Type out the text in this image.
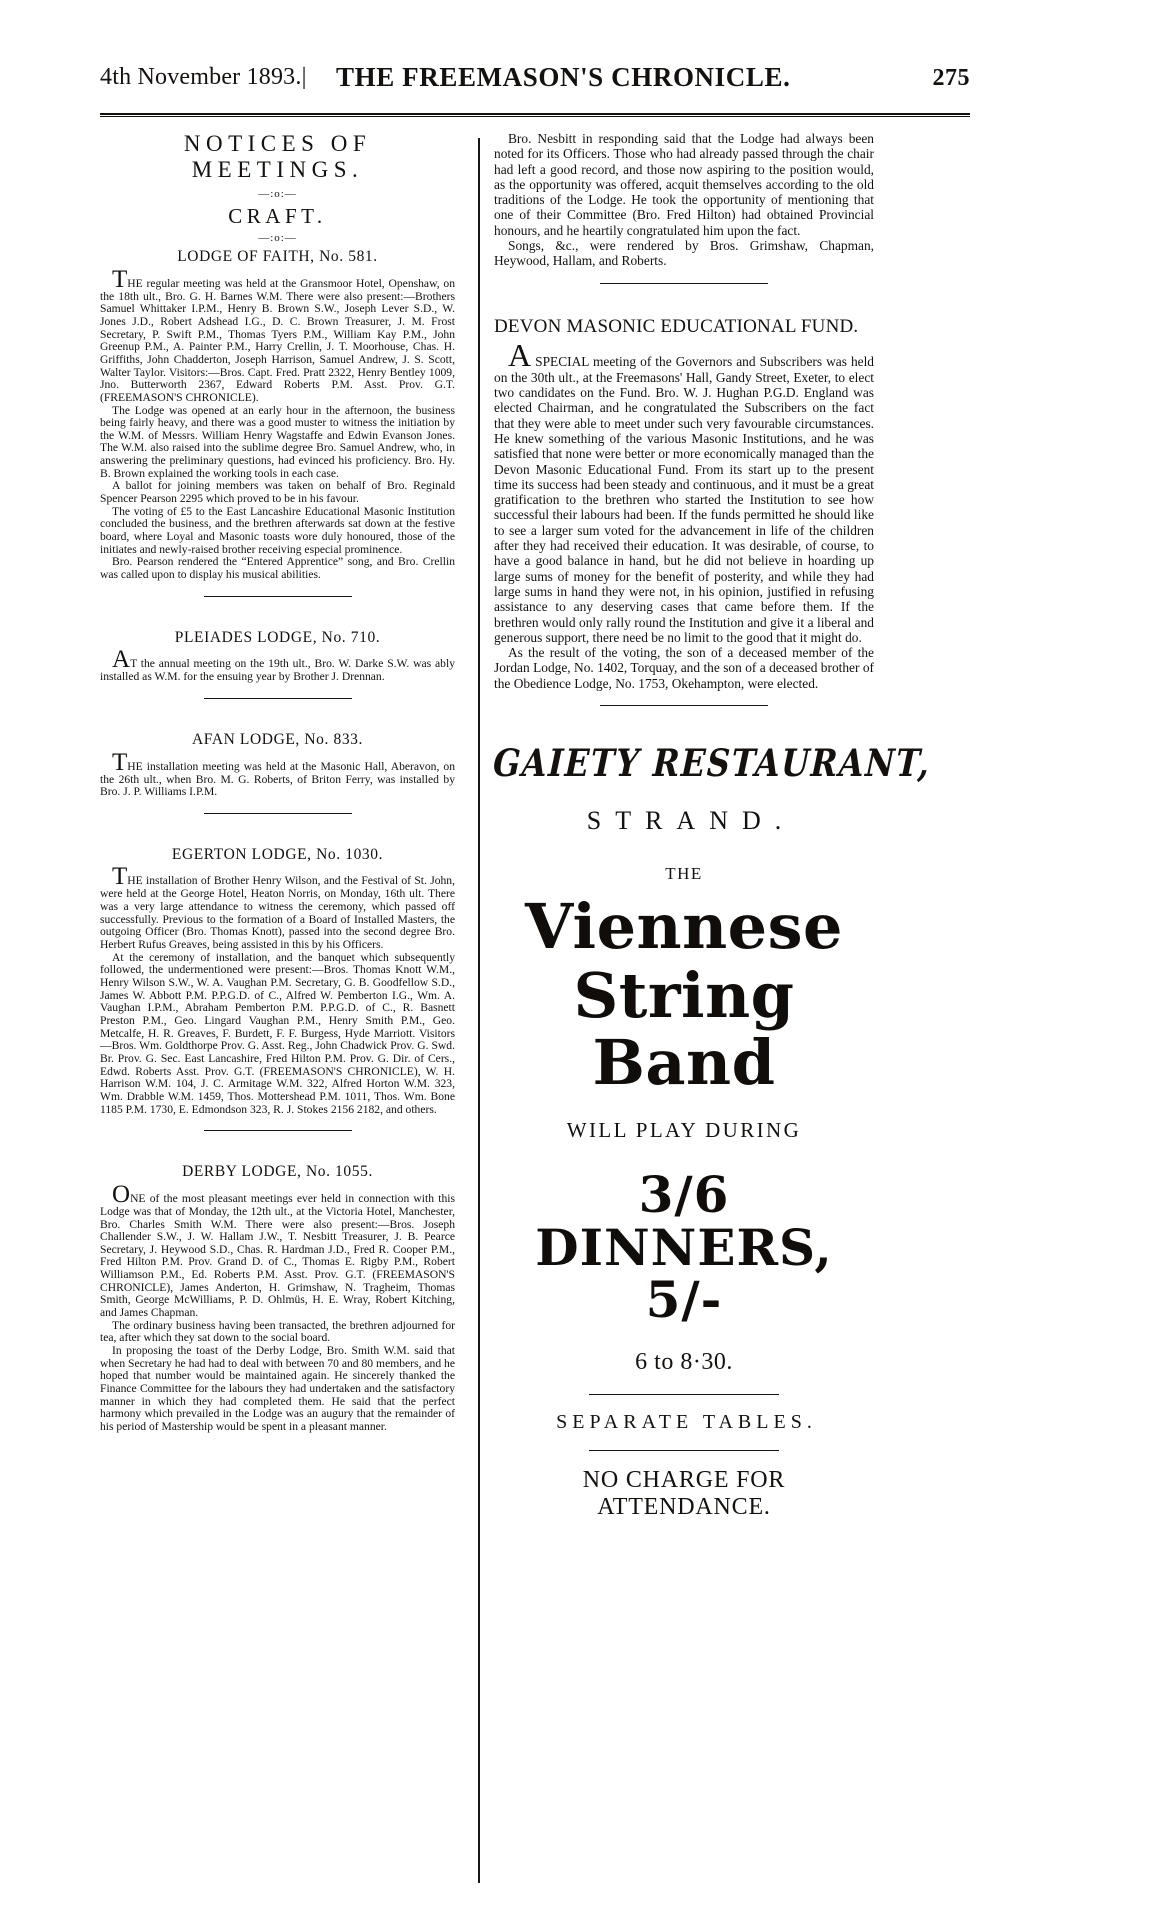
4th November 1893.| THE FREEMASON'S CHRONICLE.	275
NOTICES OF MEETINGS.
—:o:—
CRAFT.
—:o:—
LODGE OF FAITH, No. 581.

THE regular meeting was held at the Gransmoor Hotel, Openshaw, on the 18th ult., Bro. G. H. Barnes W.M. There were also present:—Brothers Samuel Whittaker I.P.M., Henry B. Brown S.W., Joseph Lever S.D., W. Jones J.D., Robert Adshead I.G., D. C. Brown Treasurer, J. M. Frost Secretary, P. Swift P.M., Thomas Tyers P.M., William Kay P.M., John Greenup P.M., A. Painter P.M., Harry Crellin, J. T. Moorhouse, Chas. H. Griffiths, John Chadderton, Joseph Harrison, Samuel Andrew, J. S. Scott, Walter Taylor. Visitors:—Bros. Capt. Fred. Pratt 2322, Henry Bentley 1009, Jno. Butterworth 2367, Edward Roberts P.M. Asst. Prov. G.T. (FREEMASON'S CHRONICLE).

The Lodge was opened at an early hour in the afternoon, the business being fairly heavy, and there was a good muster to witness the initiation by the W.M. of Messrs. William Henry Wagstaffe and Edwin Evanson Jones. The W.M. also raised into the sublime degree Bro. Samuel Andrew, who, in answering the preliminary questions, had evinced his proficiency. Bro. Hy. B. Brown explained the working tools in each case.

A ballot for joining members was taken on behalf of Bro. Reginald Spencer Pearson 2295 which proved to be in his favour.

The voting of £5 to the East Lancashire Educational Masonic Institution concluded the business, and the brethren afterwards sat down at the festive board, where Loyal and Masonic toasts wore duly honoured, those of the initiates and newly-raised brother receiving especial prominence.

Bro. Pearson rendered the “Entered Apprentice” song, and Bro. Crellin was called upon to display his musical abilities.

PLEIADES LODGE, No. 710.

AT the annual meeting on the 19th ult., Bro. W. Darke S.W. was ably installed as W.M. for the ensuing year by Brother J. Drennan.

AFAN LODGE, No. 833.

THE installation meeting was held at the Masonic Hall, Aberavon, on the 26th ult., when Bro. M. G. Roberts, of Briton Ferry, was installed by Bro. J. P. Williams I.P.M.

EGERTON LODGE, No. 1030.

THE installation of Brother Henry Wilson, and the Festival of St. John, were held at the George Hotel, Heaton Norris, on Monday, 16th ult. There was a very large attendance to witness the ceremony, which passed off successfully. Previous to the formation of a Board of Installed Masters, the outgoing Officer (Bro. Thomas Knott), passed into the second degree Bro. Herbert Rufus Greaves, being assisted in this by his Officers.

At the ceremony of installation, and the banquet which subsequently followed, the undermentioned were present:—Bros. Thomas Knott W.M., Henry Wilson S.W., W. A. Vaughan P.M. Secretary, G. B. Goodfellow S.D., James W. Abbott P.M. P.P.G.D. of C., Alfred W. Pemberton I.G., Wm. A. Vaughan I.P.M., Abraham Pemberton P.M. P.P.G.D. of C., R. Basnett Preston P.M., Geo. Lingard Vaughan P.M., Henry Smith P.M., Geo. Metcalfe, H. R. Greaves, F. Burdett, F. F. Burgess, Hyde Marriott. Visitors—Bros. Wm. Goldthorpe Prov. G. Asst. Reg., John Chadwick Prov. G. Swd. Br. Prov. G. Sec. East Lancashire, Fred Hilton P.M. Prov. G. Dir. of Cers., Edwd. Roberts Asst. Prov. G.T. (FREEMASON'S CHRONICLE), W. H. Harrison W.M. 104, J. C. Armitage W.M. 322, Alfred Horton W.M. 323, Wm. Drabble W.M. 1459, Thos. Mottershead P.M. 1011, Thos. Wm. Bone 1185 P.M. 1730, E. Edmondson 323, R. J. Stokes 2156 2182, and others.

DERBY LODGE, No. 1055.

ONE of the most pleasant meetings ever held in connection with this Lodge was that of Monday, the 12th ult., at the Victoria Hotel, Manchester, Bro. Charles Smith W.M. There were also present:—Bros. Joseph Challender S.W., J. W. Hallam J.W., T. Nesbitt Treasurer, J. B. Pearce Secretary, J. Heywood S.D., Chas. R. Hardman J.D., Fred R. Cooper P.M., Fred Hilton P.M. Prov. Grand D. of C., Thomas E. Rigby P.M., Robert Williamson P.M., Ed. Roberts P.M. Asst. Prov. G.T. (FREEMASON'S CHRONICLE), James Anderton, H. Grimshaw, N. Tragheim, Thomas Smith, George McWilliams, P. D. Ohlmüs, H. E. Wray, Robert Kitching, and James Chapman.

The ordinary business having been transacted, the brethren adjourned for tea, after which they sat down to the social board.

In proposing the toast of the Derby Lodge, Bro. Smith W.M. said that when Secretary he had had to deal with between 70 and 80 members, and he hoped that number would be maintained again. He sincerely thanked the Finance Committee for the labours they had undertaken and the satisfactory manner in which they had completed them. He said that the perfect harmony which prevailed in the Lodge was an augury that the remainder of his period of Mastership would be spent in a pleasant manner.

Bro. Nesbitt in responding said that the Lodge had always been noted for its Officers. Those who had already passed through the chair had left a good record, and those now aspiring to the position would, as the opportunity was offered, acquit themselves according to the old traditions of the Lodge. He took the opportunity of mentioning that one of their Committee (Bro. Fred Hilton) had obtained Provincial honours, and he heartily congratulated him upon the fact.

Songs, &c., were rendered by Bros. Grimshaw, Chapman, Heywood, Hallam, and Roberts.

DEVON MASONIC EDUCATIONAL FUND.

A SPECIAL meeting of the Governors and Subscribers was held on the 30th ult., at the Freemasons' Hall, Gandy Street, Exeter, to elect two candidates on the Fund. Bro. W. J. Hughan P.G.D. England was elected Chairman, and he congratulated the Subscribers on the fact that they were able to meet under such very favourable circumstances. He knew something of the various Masonic Institutions, and he was satisfied that none were better or more economically managed than the Devon Masonic Educational Fund. From its start up to the present time its success had been steady and continuous, and it must be a great gratification to the brethren who started the Institution to see how successful their labours had been. If the funds permitted he should like to see a larger sum voted for the advancement in life of the children after they had received their education. It was desirable, of course, to have a good balance in hand, but he did not believe in hoarding up large sums of money for the benefit of posterity, and while they had large sums in hand they were not, in his opinion, justified in refusing assistance to any deserving cases that came before them. If the brethren would only rally round the Institution and give it a liberal and generous support, there need be no limit to the good that it might do.

As the result of the voting, the son of a deceased member of the Jordan Lodge, No. 1402, Torquay, and the son of a deceased brother of the Obedience Lodge, No. 1753, Okehampton, were elected.

GAIETY RESTAURANT,
STRAND.
THE
Viennese
String Band
WILL PLAY DURING
3/6 DINNERS, 5/-
6 to 8·30.
SEPARATE TABLES.
NO CHARGE FOR ATTENDANCE.
